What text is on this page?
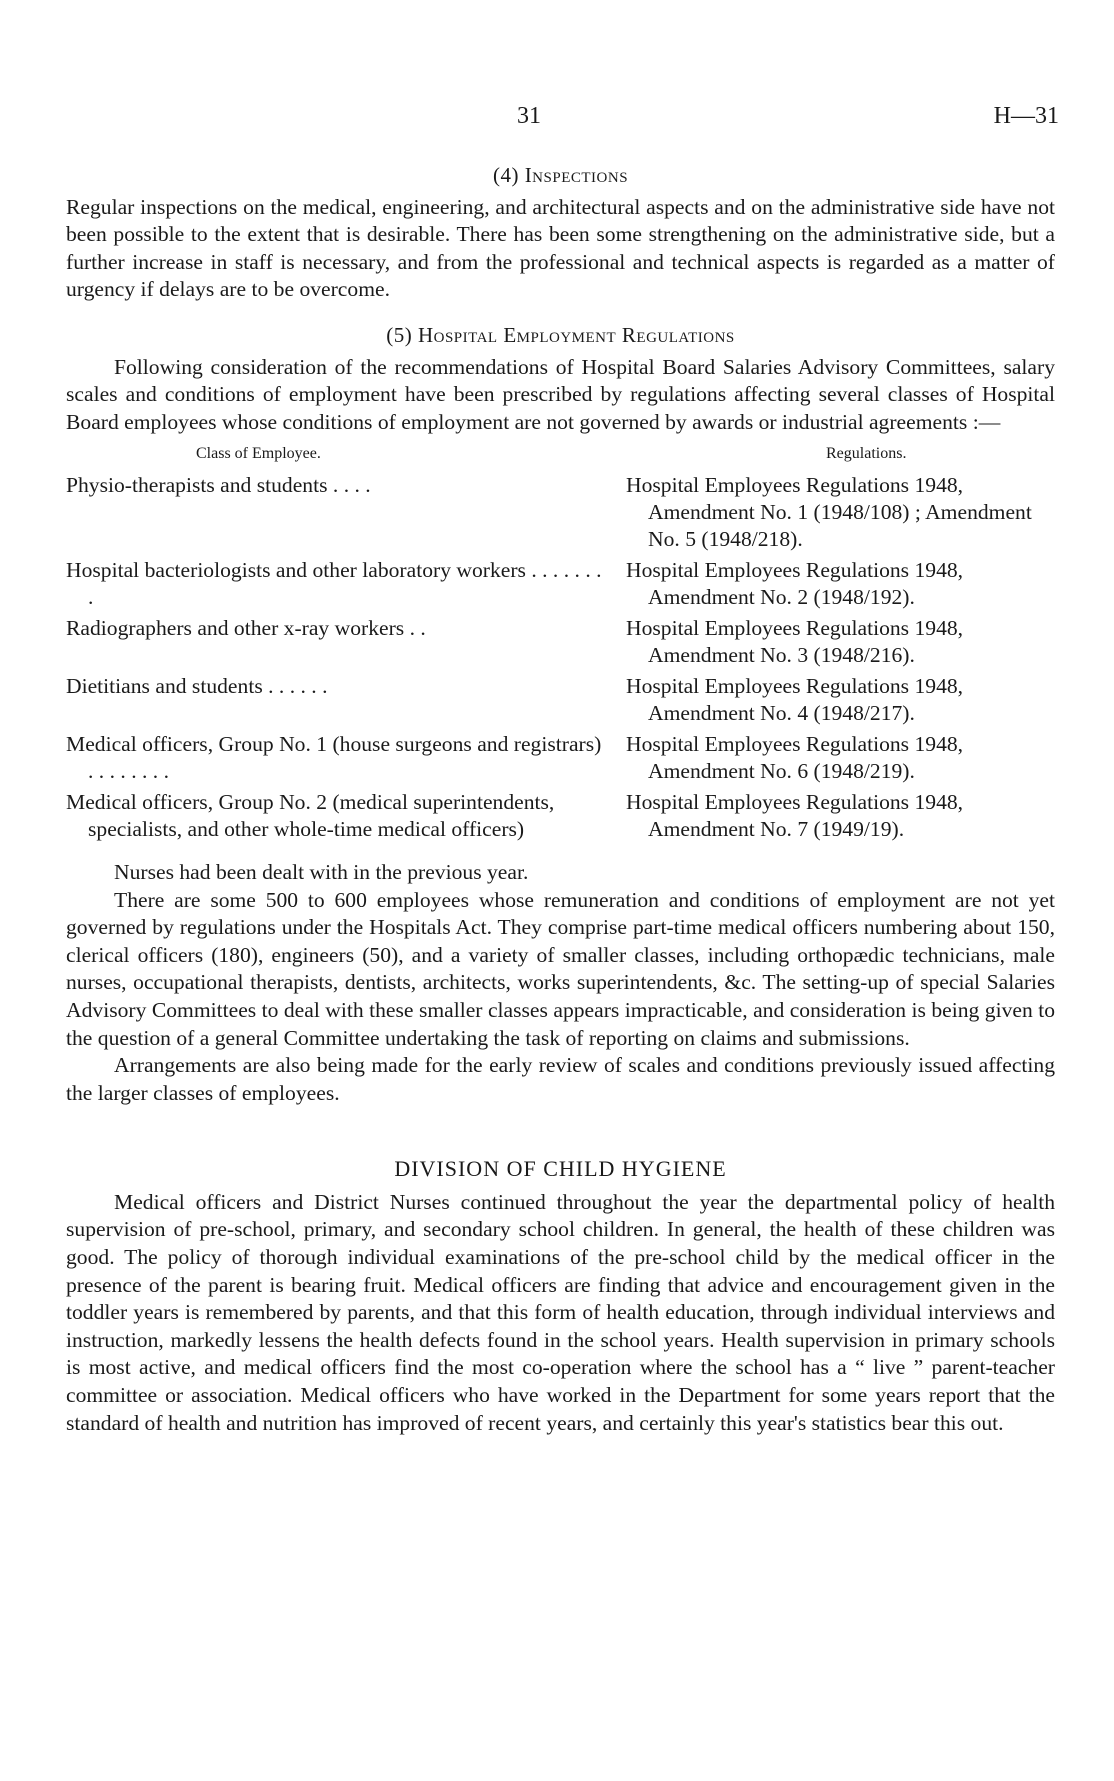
31	H—31
(4) Inspections

Regular inspections on the medical, engineering, and architectural aspects and on the administrative side have not been possible to the extent that is desirable. There has been some strengthening on the administrative side, but a further increase in staff is necessary, and from the professional and technical aspects is regarded as a matter of urgency if delays are to be overcome.

(5) Hospital Employment Regulations

Following consideration of the recommendations of Hospital Board Salaries Advisory Committees, salary scales and conditions of employment have been prescribed by regulations affecting several classes of Hospital Board employees whose conditions of employment are not governed by awards or industrial agreements :—

Class of Employee.	Regulations.

Physio-therapists and students . . . .	Hospital Employees Regulations 1948, Amendment No. 1 (1948/108) ; Amendment No. 5 (1948/218).

Hospital bacteriologists and other laboratory workers . . . . . . . .	Hospital Employees Regulations 1948, Amendment No. 2 (1948/192).

Radiographers and other x-ray workers . .	Hospital Employees Regulations 1948, Amendment No. 3 (1948/216).

Dietitians and students . . . . . .	Hospital Employees Regulations 1948, Amendment No. 4 (1948/217).

Medical officers, Group No. 1 (house surgeons and registrars) . . . . . . . .	Hospital Employees Regulations 1948, Amendment No. 6 (1948/219).

Medical officers, Group No. 2 (medical superintendents, specialists, and other whole-time medical officers)	Hospital Employees Regulations 1948, Amendment No. 7 (1949/19).

Nurses had been dealt with in the previous year.

There are some 500 to 600 employees whose remuneration and conditions of employment are not yet governed by regulations under the Hospitals Act. They comprise part-time medical officers numbering about 150, clerical officers (180), engineers (50), and a variety of smaller classes, including orthopædic technicians, male nurses, occupational therapists, dentists, architects, works superintendents, &c. The setting-up of special Salaries Advisory Committees to deal with these smaller classes appears impracticable, and consideration is being given to the question of a general Committee undertaking the task of reporting on claims and submissions.

Arrangements are also being made for the early review of scales and conditions previously issued affecting the larger classes of employees.

DIVISION OF CHILD HYGIENE

Medical officers and District Nurses continued throughout the year the departmental policy of health supervision of pre-school, primary, and secondary school children. In general, the health of these children was good. The policy of thorough individual examinations of the pre-school child by the medical officer in the presence of the parent is bearing fruit. Medical officers are finding that advice and encouragement given in the toddler years is remembered by parents, and that this form of health education, through individual interviews and instruction, markedly lessens the health defects found in the school years. Health supervision in primary schools is most active, and medical officers find the most co-operation where the school has a “ live ” parent-teacher committee or association. Medical officers who have worked in the Department for some years report that the standard of health and nutrition has improved of recent years, and certainly this year's statistics bear this out.
